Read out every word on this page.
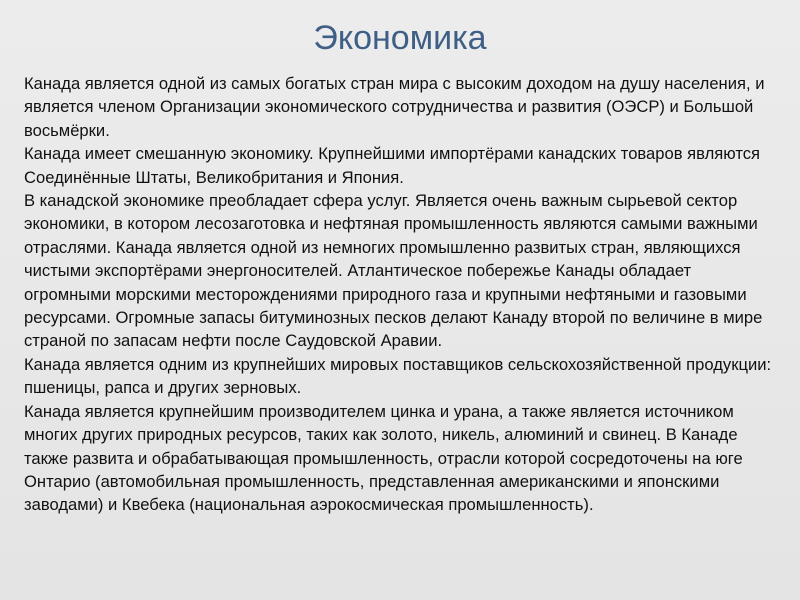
Экономика

Канада является одной из самых богатых стран мира с высоким доходом на душу населения, и является членом Организации экономического сотрудничества и развития (ОЭСР) и Большой восьмёрки.

Канада имеет смешанную экономику. Крупнейшими импортёрами канадских товаров являются Соединённые Штаты, Великобритания и Япония.

В канадской экономике преобладает сфера услуг. Является очень важным сырьевой сектор экономики, в котором лесозаготовка и нефтяная промышленность являются самыми важными отраслями. Канада является одной из немногих промышленно развитых стран, являющихся чистыми экспортёрами энергоносителей. Атлантическое побережье Канады обладает огромными морскими месторождениями природного газа и крупными нефтяными и газовыми ресурсами. Огромные запасы битуминозных песков делают Канаду второй по величине в мире страной по запасам нефти после Саудовской Аравии.

Канада является одним из крупнейших мировых поставщиков сельскохозяйственной продукции: пшеницы, рапса и других зерновых.

Канада является крупнейшим производителем цинка и урана, а также является источником многих других природных ресурсов, таких как золото, никель, алюминий и свинец. В Канаде также развита и обрабатывающая промышленность, отрасли которой сосредоточены на юге Онтарио (автомобильная промышленность, представленная американскими и японскими заводами) и Квебека (национальная аэрокосмическая промышленность).
